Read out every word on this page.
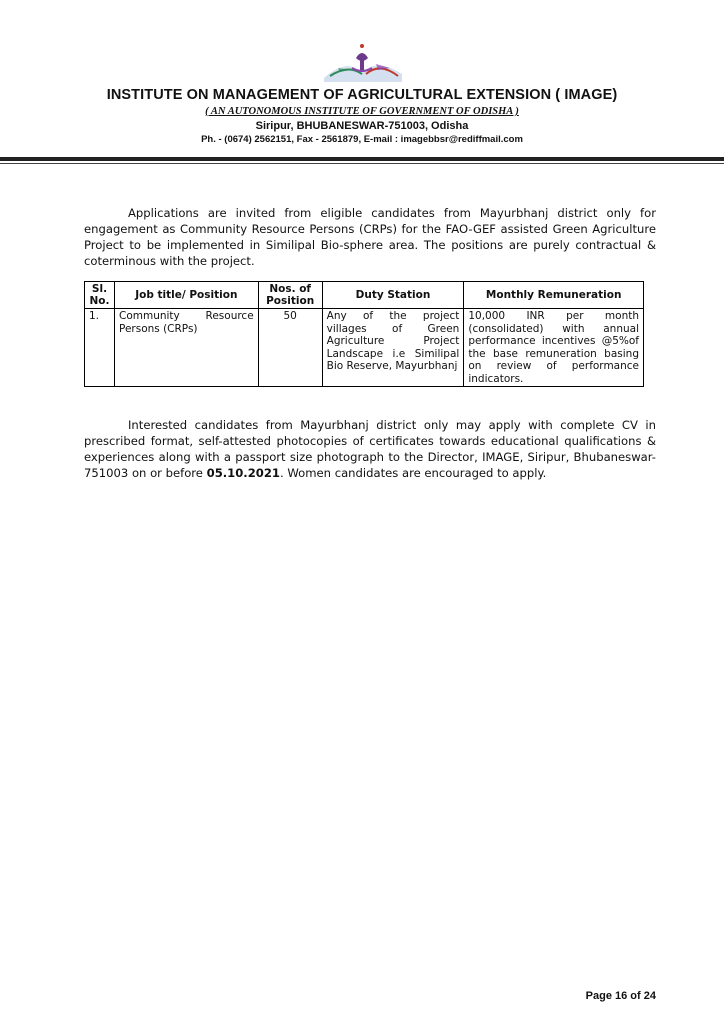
INSTITUTE ON MANAGEMENT OF AGRICULTURAL EXTENSION ( IMAGE)

( AN AUTONOMOUS INSTITUTE OF GOVERNMENT OF ODISHA )

Siripur, BHUBANESWAR-751003, Odisha

Ph. - (0674) 2562151, Fax - 2561879, E-mail : imagebbsr@rediffmail.com

Applications are invited from eligible candidates from Mayurbhanj district only for engagement as Community Resource Persons (CRPs) for the FAO-GEF assisted Green Agriculture Project to be implemented in Similipal Bio-sphere area. The positions are purely contractual & coterminous with the project.

Sl. No.	Job title/ Position	Nos. of Position	Duty Station	Monthly Remuneration
1.	Community Resource Persons (CRPs)	50	Any of the project villages of Green Agriculture Project Landscape i.e Similipal Bio Reserve, Mayurbhanj	10,000 INR per month (consolidated) with annual performance incentives @5%of the base remuneration basing on review of performance indicators.

Interested candidates from Mayurbhanj district only may apply with complete CV in prescribed format, self-attested photocopies of certificates towards educational qualifications & experiences along with a passport size photograph to the Director, IMAGE, Siripur, Bhubaneswar-751003 on or before 05.10.2021. Women candidates are encouraged to apply.

Page 16 of 24
